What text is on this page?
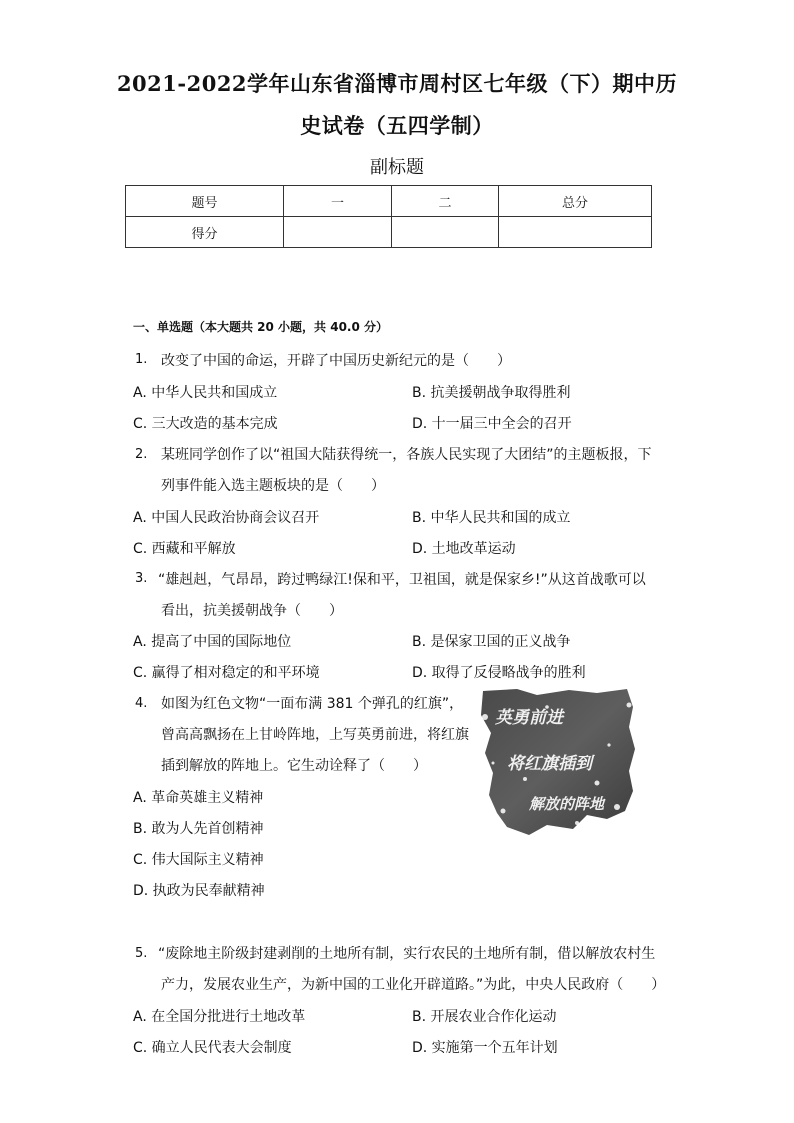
2021-2022学年山东省淄博市周村区七年级（下）期中历
史试卷（五四学制）
副标题
题号	一	二	总分
得分			
一、单选题（本大题共 20 小题，共 40.0 分）
1. 改变了中国的命运，开辟了中国历史新纪元的是（　　）
A. 中华人民共和国成立	B. 抗美援朝战争取得胜利
C. 三大改造的基本完成	D. 十一届三中全会的召开
2. 某班同学创作了以“祖国大陆获得统一，各族人民实现了大团结”的主题板报，下
列事件能入选主题板块的是（　　）
A. 中国人民政治协商会议召开	B. 中华人民共和国的成立
C. 西藏和平解放	D. 土地改革运动
3. “雄赳赳，气昂昂，跨过鸭绿江!保和平，卫祖国，就是保家乡!”从这首战歌可以
看出，抗美援朝战争（　　）
A. 提高了中国的国际地位	B. 是保家卫国的正义战争
C. 赢得了相对稳定的和平环境	D. 取得了反侵略战争的胜利
4. 如图为红色文物“一面布满 381 个弹孔的红旗”，
曾高高飘扬在上甘岭阵地，上写英勇前进，将红旗
插到解放的阵地上。它生动诠释了（　　）
A. 革命英雄主义精神
B. 敢为人先首创精神
C. 伟大国际主义精神
D. 执政为民奉献精神
英勇前进
将红旗插到
解放的阵地
5. “废除地主阶级封建剥削的土地所有制，实行农民的土地所有制，借以解放农村生
产力，发展农业生产，为新中国的工业化开辟道路。”为此，中央人民政府（　　）
A. 在全国分批进行土地改革	B. 开展农业合作化运动
C. 确立人民代表大会制度	D. 实施第一个五年计划
